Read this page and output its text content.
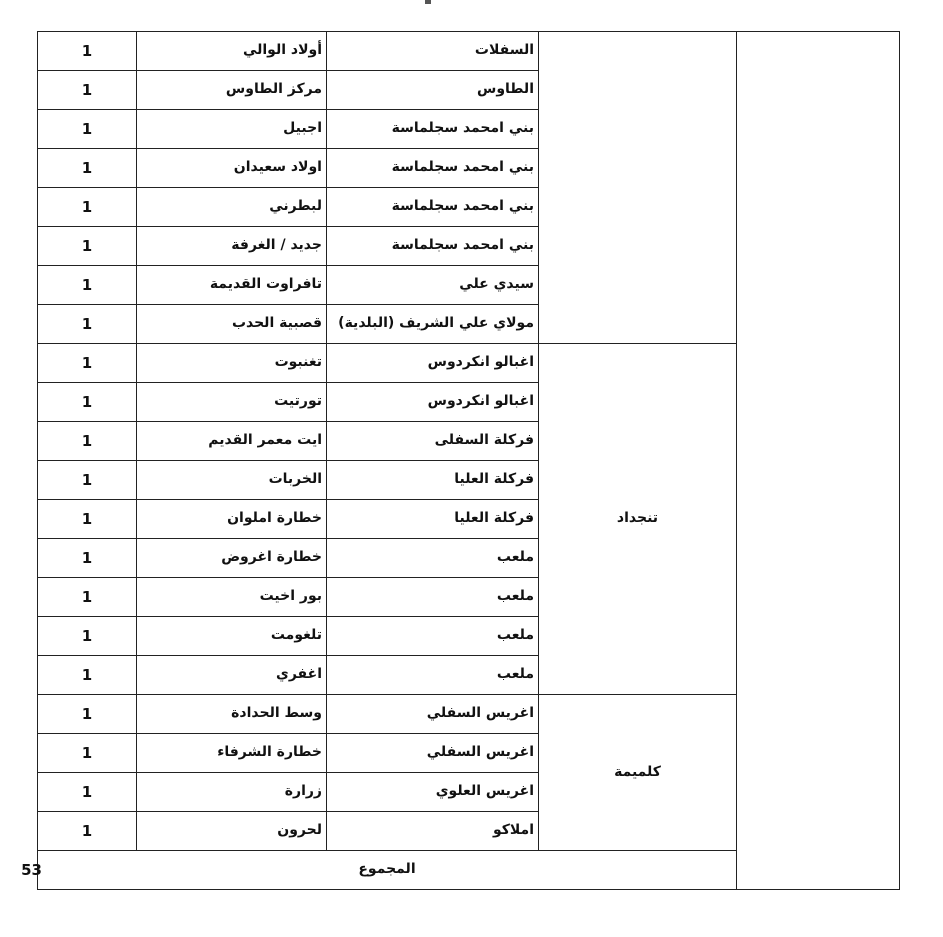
		السفلات	أولاد الوالي	1	
		الطاوس	مركز الطاوس	1	
		بني امحمد سجلماسة	اجبيل	1	
		بني امحمد سجلماسة	اولاد سعيدان	1	
		بني امحمد سجلماسة	لبطرني	1	
		بني امحمد سجلماسة	جديد / الغرفة	1	
		سيدي علي	تافراوت القديمة	1	
		مولاي علي الشريف (البلدية)	قصبية الحدب	1	
	تنجداد	اغبالو انكردوس	تغنبوت	1	
		اغبالو انكردوس	تورتيت	1	
		فركلة السفلى	ايت معمر القديم	1	
		فركلة العليا	الخربات	1	
		فركلة العليا	خطارة املوان	1	
		ملعب	خطارة اغروض	1	
		ملعب	بور اخيت	1	
		ملعب	تلغومت	1	
		ملعب	اغفري	1	
	كلميمة	اغريس السفلي	وسط الحدادة	1	
		اغريس السفلي	خطارة الشرفاء	1	
		اغريس العلوي	زرارة	1	
		املاكو	لحرون	1	
	المجموع				53
